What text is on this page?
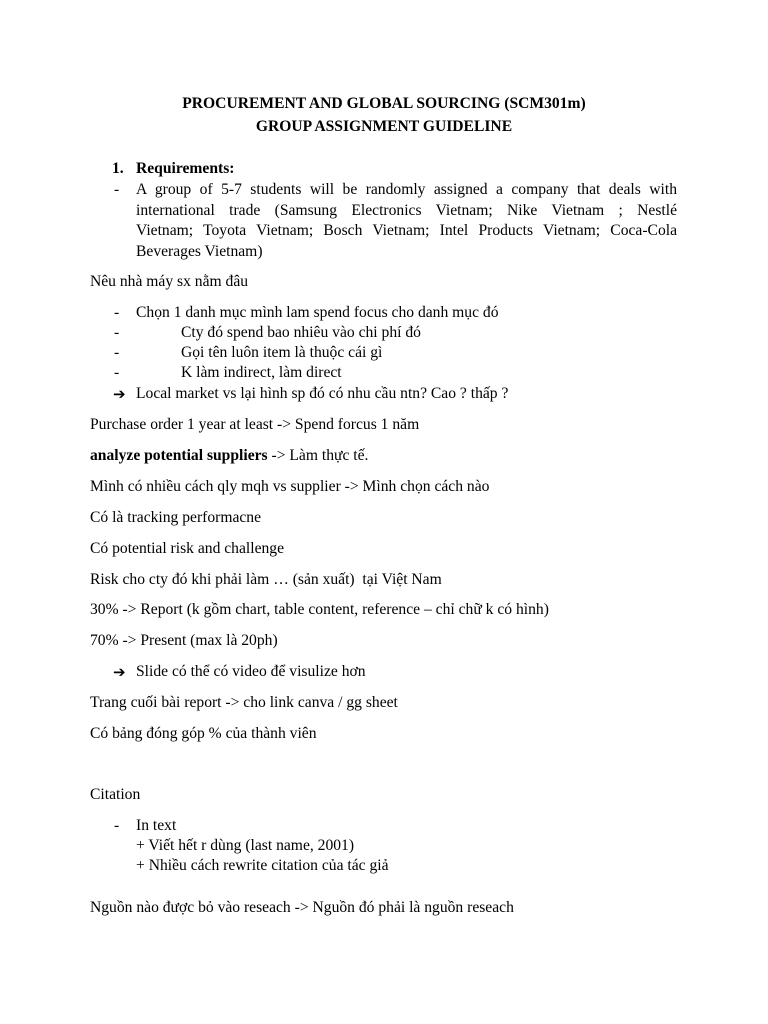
PROCUREMENT AND GLOBAL SOURCING (SCM301m)
GROUP ASSIGNMENT GUIDELINE
1. Requirements:
- A group of 5-7 students will be randomly assigned a company that deals with
international trade (Samsung Electronics Vietnam; Nike Vietnam ; Nestlé
Vietnam; Toyota Vietnam; Bosch Vietnam; Intel Products Vietnam; Coca-Cola
Beverages Vietnam)
Nêu nhà máy sx nằm đâu
- Chọn 1 danh mục mình lam spend focus cho danh mục đó
-	Cty đó spend bao nhiêu vào chi phí đó
-	Gọi tên luôn item là thuộc cái gì
-	K làm indirect, làm direct
➔ Local market vs lại hình sp đó có nhu cầu ntn? Cao ? thấp ?
Purchase order 1 year at least -> Spend forcus 1 năm
analyze potential suppliers -> Làm thực tế.
Mình có nhiều cách qly mqh vs supplier -> Mình chọn cách nào
Có là tracking performacne
Có potential risk and challenge
Risk cho cty đó khi phải làm … (sản xuất)  tại Việt Nam
30% -> Report (k gồm chart, table content, reference – chỉ chữ k có hình)
70% -> Present (max là 20ph)
➔ Slide có thể có video để visulize hơn
Trang cuối bài report -> cho link canva / gg sheet
Có bảng đóng góp % của thành viên
Citation
- In text
+ Viết hết r dùng (last name, 2001)
+ Nhiều cách rewrite citation của tác giả
Nguồn nào được bỏ vào reseach -> Nguồn đó phải là nguồn reseach
